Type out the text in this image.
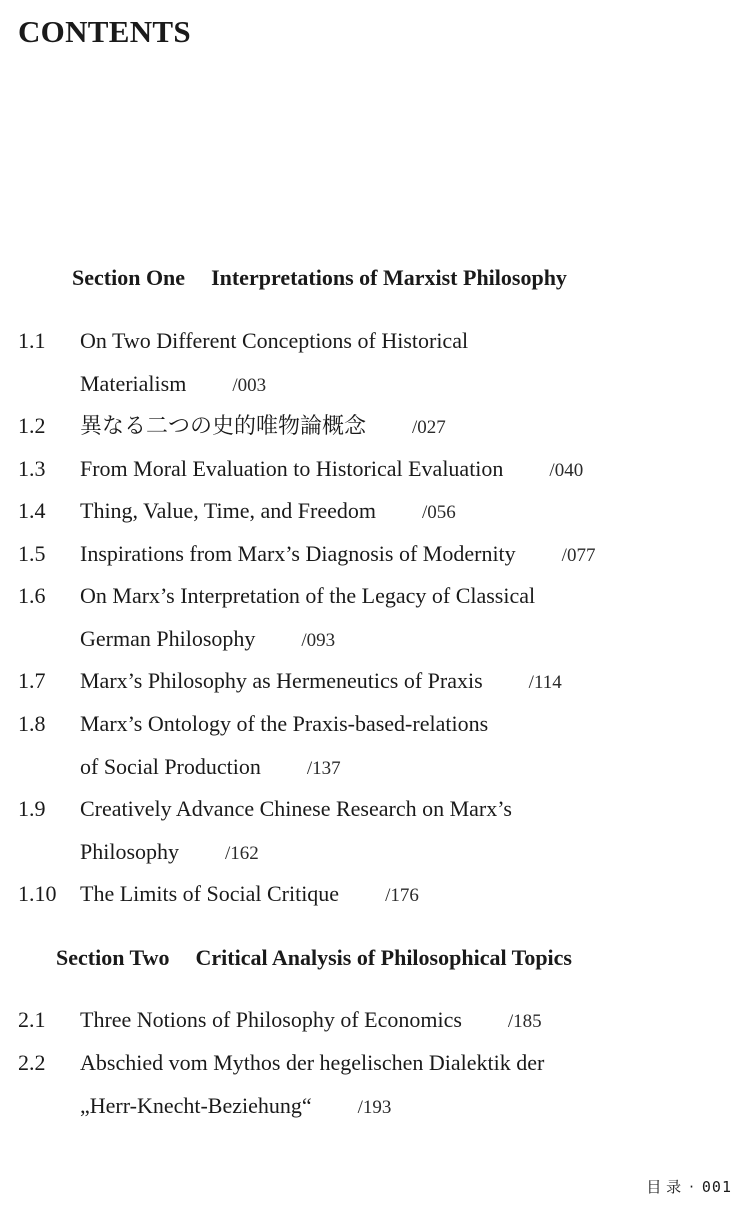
CONTENTS
Section One Interpretations of Marxist Philosophy
1.1	On Two Different Conceptions of Historical
Materialism /003
1.2	異なる二つの史的唯物論概念 /027
1.3	From Moral Evaluation to Historical Evaluation /040
1.4	Thing, Value, Time, and Freedom /056
1.5	Inspirations from Marx’s Diagnosis of Modernity /077
1.6	On Marx’s Interpretation of the Legacy of Classical
German Philosophy /093
1.7	Marx’s Philosophy as Hermeneutics of Praxis /114
1.8	Marx’s Ontology of the Praxis-based-relations
of Social Production /137
1.9	Creatively Advance Chinese Research on Marx’s
Philosophy /162
1.10	The Limits of Social Critique /176
Section Two Critical Analysis of Philosophical Topics
2.1	Three Notions of Philosophy of Economics /185
2.2	Abschied vom Mythos der hegelischen Dialektik der
„Herr-Knecht-Beziehung“ /193
目 录 · 001
